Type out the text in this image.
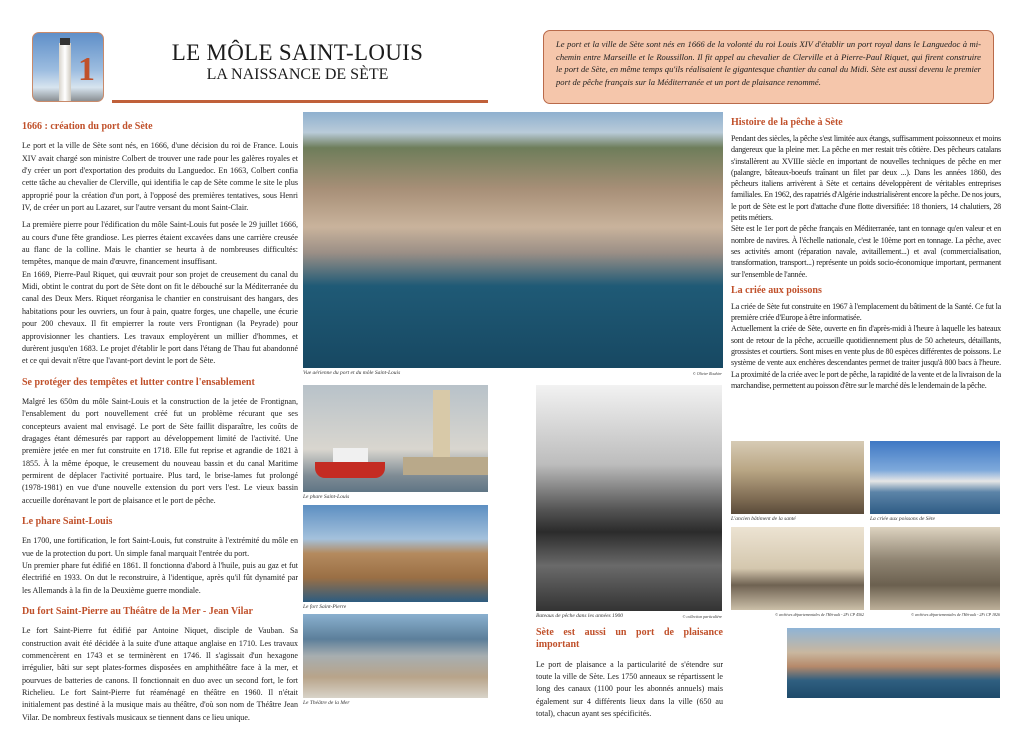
1	LE MÔLE SAINT-LOUIS
LA NAISSANCE DE SÈTE
Le port et la ville de Sète sont nés en 1666 de la volonté du roi Louis XIV d'établir un port royal dans le Languedoc à mi-chemin entre Marseille et le Roussillon. Il fit appel au chevalier de Clerville et à Pierre-Paul Riquet, qui firent construire le port de Sète, en même temps qu'ils réalisaient le gigantesque chantier du canal du Midi. Sète est aussi devenu le premier port de pêche français sur la Méditerranée et un port de plaisance renommé.
1666 : création du port de Sète

Le port et la ville de Sète sont nés, en 1666, d'une décision du roi de France. Louis XIV avait chargé son ministre Colbert de trouver une rade pour les galères royales et d'y créer un port d'exportation des produits du Languedoc. En 1663, Colbert confia cette tâche au chevalier de Clerville, qui identifia le cap de Sète comme le site le plus approprié pour la création d'un port, à l'opposé des premières tentatives, sous Henri IV, de créer un port au Lazaret, sur l'autre versant du mont Saint-Clair.

La première pierre pour l'édification du môle Saint-Louis fut posée le 29 juillet 1666, au cours d'une fête grandiose. Les pierres étaient excavées dans une carrière creusée au flanc de la colline. Mais le chantier se heurta à de nombreuses difficultés: tempêtes, manque de main d'œuvre, financement insuffisant.

En 1669, Pierre-Paul Riquet, qui œuvrait pour son projet de creusement du canal du Midi, obtint le contrat du port de Sète dont on fit le débouché sur la Méditerranée du canal des Deux Mers. Riquet réorganisa le chantier en construisant des hangars, des habitations pour les ouvriers, un four à pain, quatre forges, une chapelle, une écurie pour 200 chevaux. Il fit empierrer la route vers Frontignan (la Peyrade) pour approvisionner les chantiers. Les travaux employèrent un millier d'hommes, et durèrent jusqu'en 1683. Le projet d'établir le port dans l'étang de Thau fut abandonné et ce qui devait n'être que l'avant-port devint le port de Sète.

Se protéger des tempêtes et lutter contre l'ensablement

Malgré les 650m du môle Saint-Louis et la construction de la jetée de Frontignan, l'ensablement du port nouvellement créé fut un problème récurant que ses concepteurs avaient mal envisagé. Le port de Sète faillit disparaître, les coûts de dragages étant démesurés par rapport au développement limité de l'activité. Une première jetée en mer fut construite en 1718. Elle fut reprise et agrandie de 1821 à 1855. À la même époque, le creusement du nouveau bassin et du canal Maritime permirent de déplacer l'activité portuaire. Plus tard, le brise-lames fut prolongé (1978-1981) en vue d'une nouvelle extension du port vers l'est. Le vieux bassin accueille dorénavant le port de plaisance et le port de pêche.

Le phare Saint-Louis

En 1700, une fortification, le fort Saint-Louis, fut construite à l'extrémité du môle en vue de la protection du port. Un simple fanal marquait l'entrée du port.

Un premier phare fut édifié en 1861. Il fonctionna d'abord à l'huile, puis au gaz et fut électrifié en 1933. On dut le reconstruire, à l'identique, après qu'il fût dynamité par les Allemands à la fin de la Deuxième guerre mondiale.

Du fort Saint-Pierre au Théâtre de la Mer - Jean Vilar

Le fort Saint-Pierre fut édifié par Antoine Niquet, disciple de Vauban. Sa construction avait été décidée à la suite d'une attaque anglaise en 1710. Les travaux commencèrent en 1743 et se terminèrent en 1746. Il s'agissait d'un hexagone irrégulier, bâti sur sept plates-formes disposées en amphithéâtre face à la mer, et pourvues de batteries de canons. Il fonctionnait en duo avec un second fort, le fort Richelieu. Le fort Saint-Pierre fut réaménagé en théâtre en 1960. Il n'était initialement pas destiné à la musique mais au théâtre, d'où son nom de Théâtre Jean Vilar. De nombreux festivals musicaux se tiennent dans ce lieu unique.

Vue aérienne du port et du môle Saint-Louis	© Olivier Rouhier
Le phare Saint-Louis
Le fort Saint-Pierre
Le Théâtre de la Mer
Bateaux de pêche dans les années 1900	© collection particulière
Sète est aussi un port de plaisance important

Le port de plaisance a la particularité de s'étendre sur toute la ville de Sète. Les 1750 anneaux se répartissent le long des canaux (1100 pour les abonnés annuels) mais également sur 4 différents lieux dans la ville (650 au total), chacun ayant ses spécificités.

Histoire de la pêche à Sète

Pendant des siècles, la pêche s'est limitée aux étangs, suffisamment poissonneux et moins dangereux que la pleine mer. La pêche en mer restait très côtière. Des pêcheurs catalans s'installèrent au XVIIIe siècle en important de nouvelles techniques de pêche en mer (palangre, bâteaux-boeufs traînant un filet par deux ...). Dans les années 1860, des pêcheurs italiens arrivèrent à Sète et certains développèrent de véritables entreprises familiales. En 1962, des rapatriés d'Algérie industrialisèrent encore la pêche. De nos jours, le port de Sète est le port d'attache d'une flotte diversifiée: 18 thoniers, 14 chalutiers, 28 petits métiers.

Sète est le 1er port de pêche français en Méditerranée, tant en tonnage qu'en valeur et en nombre de navires. À l'échelle nationale, c'est le 10ème port en tonnage. La pêche, avec ses activités amont (réparation navale, avitaillement...) et aval (commercialisation, transformation, transport...) représente un poids socio-économique important, permanent sur l'ensemble de l'année.

La criée aux poissons

La criée de Sète fut construite en 1967 à l'emplacement du bâtiment de la Santé. Ce fut la première criée d'Europe à être informatisée.

Actuellement la criée de Sète, ouverte en fin d'après-midi à l'heure à laquelle les bateaux sont de retour de la pêche, accueille quotidiennement plus de 50 acheteurs, détaillants, grossistes et courtiers. Sont mises en vente plus de 80 espèces différentes de poissons. Le système de vente aux enchères descendantes permet de traiter jusqu'à 800 bacs à l'heure. La proximité de la criée avec le port de pêche, la rapidité de la vente et de la livraison de la marchandise, permettent au poisson d'être sur le marché dès le lendemain de la pêche.

L'ancien bâtiment de la santé	La criée aux poissons de Sète
© archives départementales de l'Hérault - 2Fi CP 4562	© archives départementales de l'Hérault - 2Fi CP 1826
